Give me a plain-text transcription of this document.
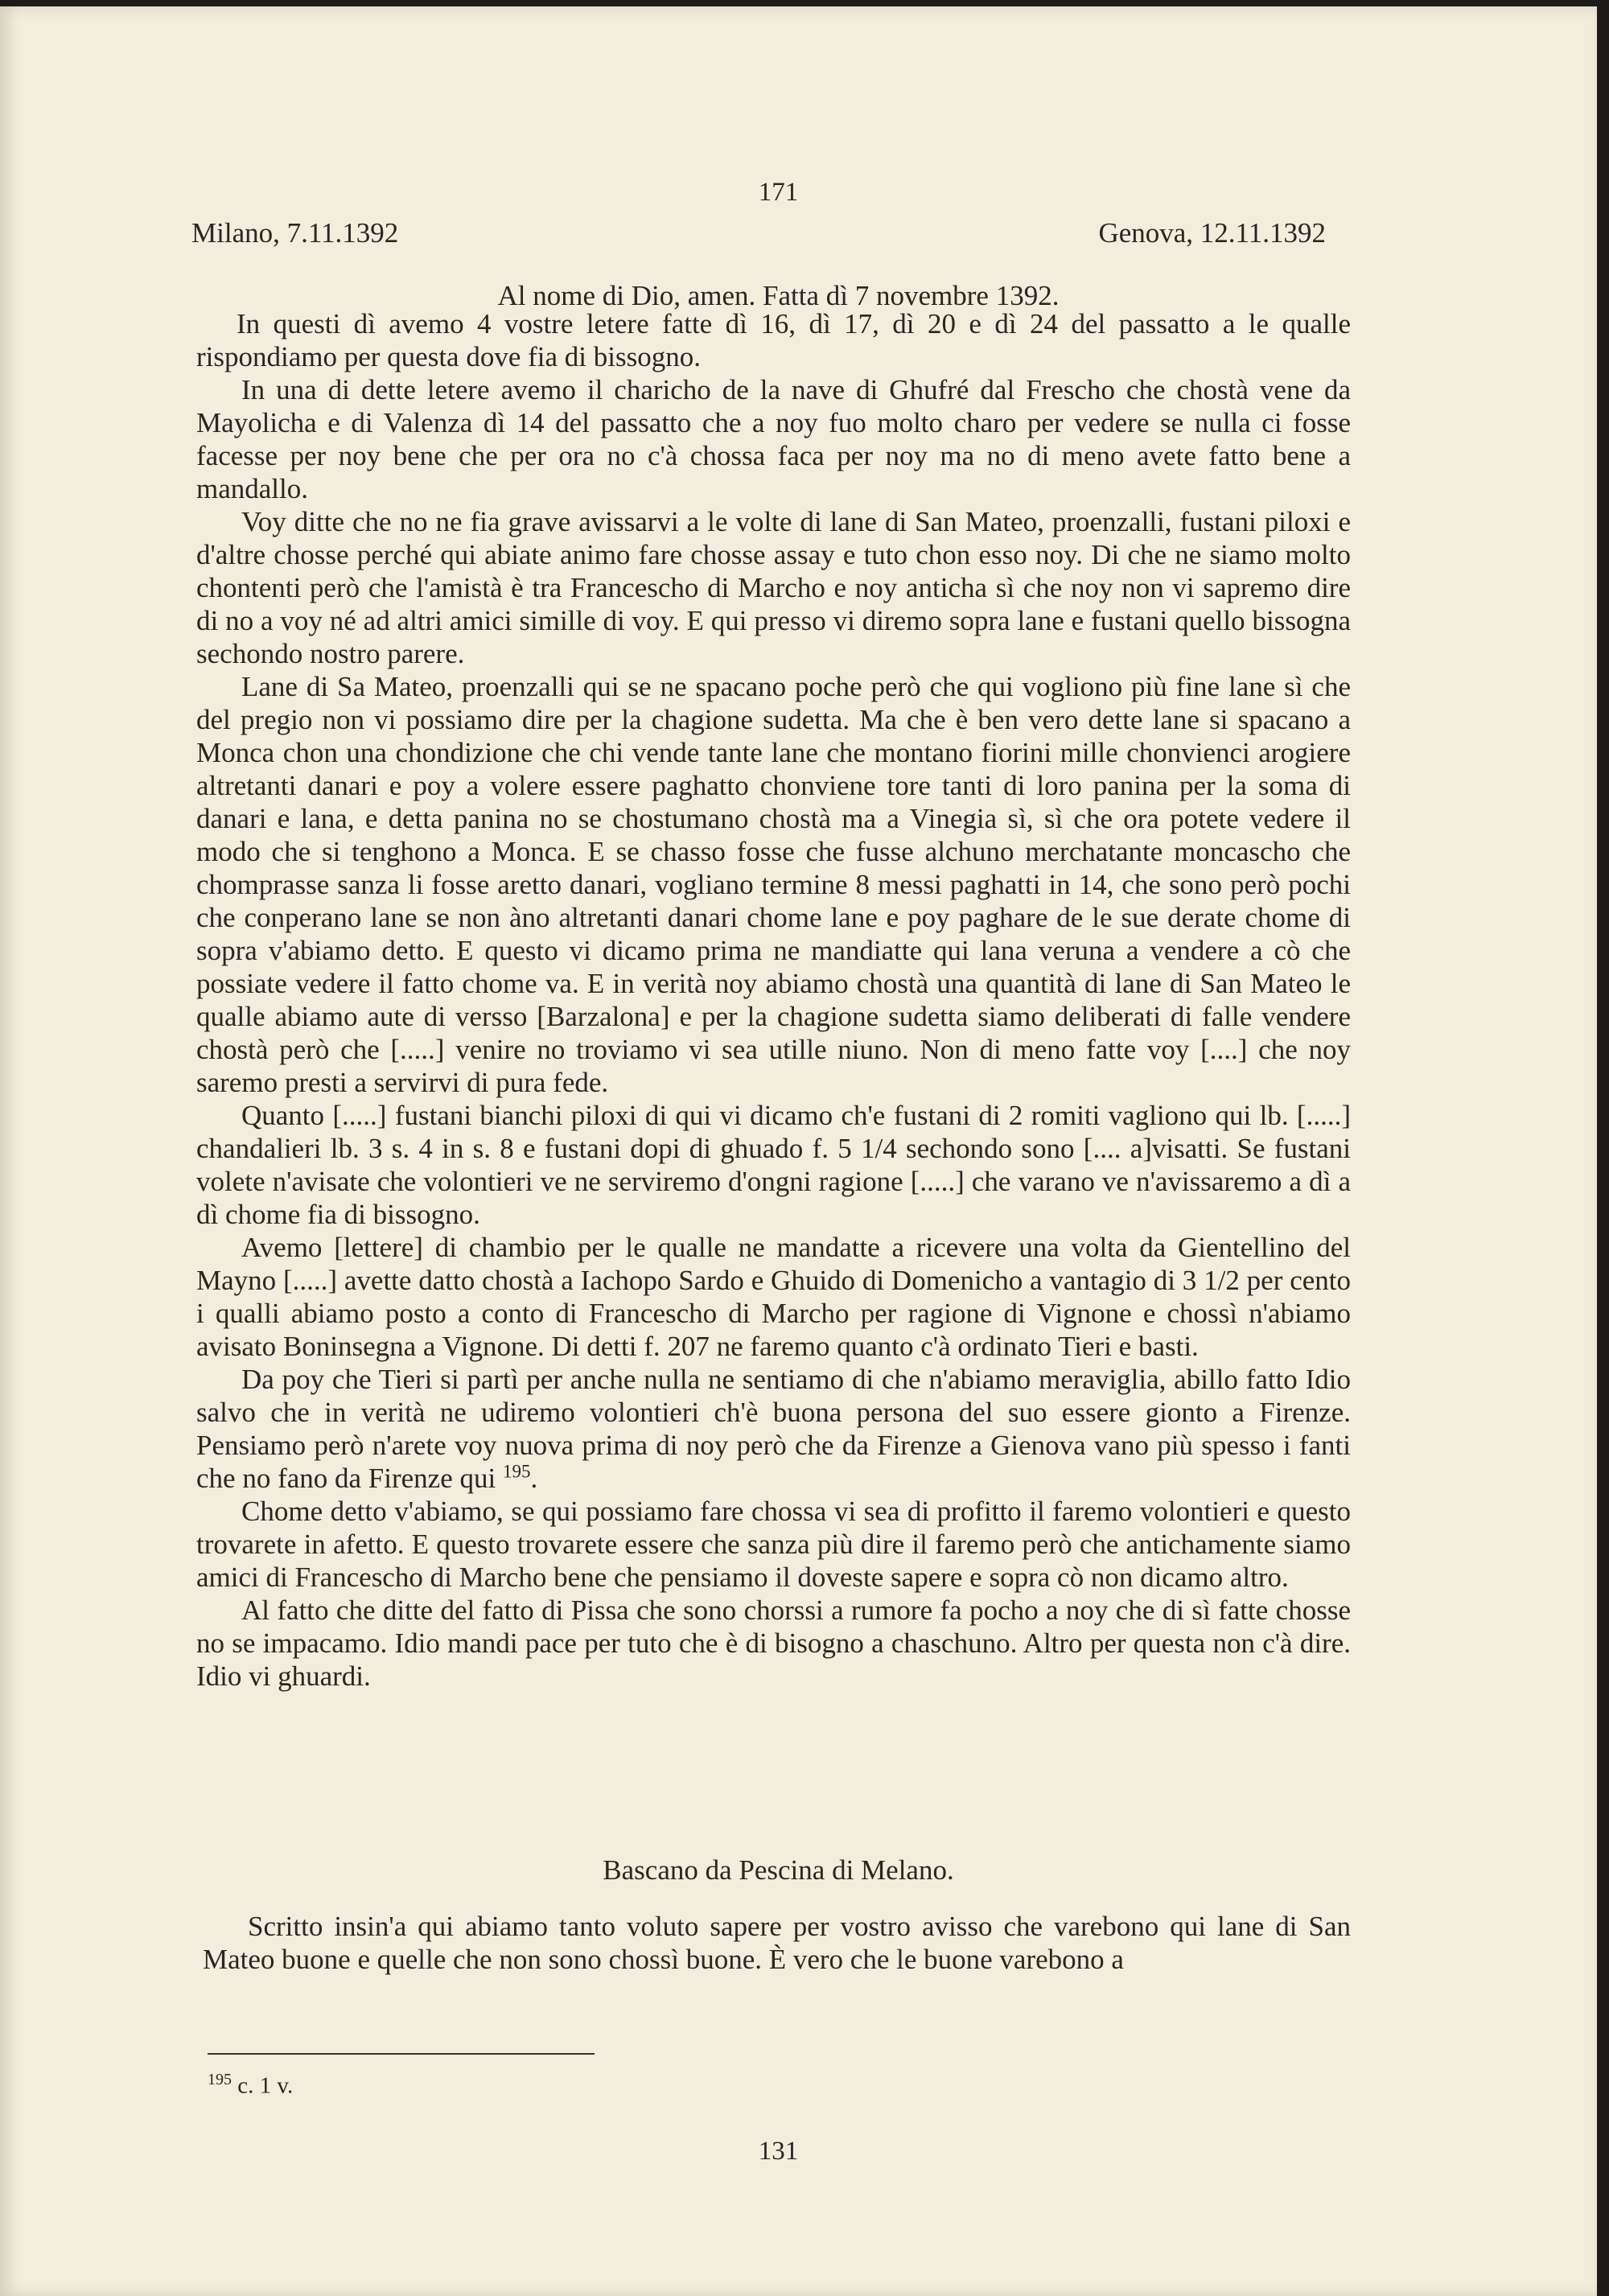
171
Milano, 7.11.1392	Genova, 12.11.1392
Al nome di Dio, amen. Fatta dì 7 novembre 1392.

In questi dì avemo 4 vostre letere fatte dì 16, dì 17, dì 20 e dì 24 del passatto a le qualle rispondiamo per questa dove fia di bissogno.

In una di dette letere avemo il charicho de la nave di Ghufré dal Frescho che chostà vene da Mayolicha e di Valenza dì 14 del passatto che a noy fuo molto charo per vedere se nulla ci fosse facesse per noy bene che per ora no c'à chossa faca per noy ma no di meno avete fatto bene a mandallo.

Voy ditte che no ne fia grave avissarvi a le volte di lane di San Mateo, proenzalli, fustani piloxi e d'altre chosse perché qui abiate animo fare chosse assay e tuto chon esso noy. Di che ne siamo molto chontenti però che l'amistà è tra Francescho di Marcho e noy anticha sì che noy non vi sapremo dire di no a voy né ad altri amici simille di voy. E qui presso vi diremo sopra lane e fustani quello bissogna sechondo nostro parere.

Lane di Sa Mateo, proenzalli qui se ne spacano poche però che qui vogliono più fine lane sì che del pregio non vi possiamo dire per la chagione sudetta. Ma che è ben vero dette lane si spacano a Monca chon una chondizione che chi vende tante lane che montano fiorini mille chonvienci arogiere altretanti danari e poy a volere essere paghatto chonviene tore tanti di loro panina per la soma di danari e lana, e detta panina no se chostumano chostà ma a Vinegia sì, sì che ora potete vedere il modo che si tenghono a Monca. E se chasso fosse che fusse alchuno merchatante moncascho che chomprasse sanza li fosse aretto danari, vogliano termine 8 messi paghatti in 14, che sono però pochi che conperano lane se non àno altretanti danari chome lane e poy paghare de le sue derate chome di sopra v'abiamo detto. E questo vi dicamo prima ne mandiatte qui lana veruna a vendere a cò che possiate vedere il fatto chome va. E in verità noy abiamo chostà una quantità di lane di San Mateo le qualle abiamo aute di versso [Barzalona] e per la chagione sudetta siamo deliberati di falle vendere chostà però che [.....] venire no troviamo vi sea utille niuno. Non di meno fatte voy [....] che noy saremo presti a servirvi di pura fede.

Quanto [.....] fustani bianchi piloxi di qui vi dicamo ch'e fustani di 2 romiti vagliono qui lb. [.....] chandalieri lb. 3 s. 4 in s. 8 e fustani dopi di ghuado f. 5 1/4 sechondo sono [.... a]visatti. Se fustani volete n'avisate che volontieri ve ne serviremo d'ongni ragione [.....] che varano ve n'avissaremo a dì a dì chome fia di bissogno.

Avemo [lettere] di chambio per le qualle ne mandatte a ricevere una volta da Gientellino del Mayno [.....] avette datto chostà a Iachopo Sardo e Ghuido di Domenicho a vantagio di 3 1/2 per cento i qualli abiamo posto a conto di Francescho di Marcho per ragione di Vignone e chossì n'abiamo avisato Boninsegna a Vignone. Di detti f. 207 ne faremo quanto c'à ordinato Tieri e basti.

Da poy che Tieri si partì per anche nulla ne sentiamo di che n'abiamo meraviglia, abillo fatto Idio salvo che in verità ne udiremo volontieri ch'è buona persona del suo essere gionto a Firenze. Pensiamo però n'arete voy nuova prima di noy però che da Firenze a Gienova vano più spesso i fanti che no fano da Firenze qui $^{195}$.

Chome detto v'abiamo, se qui possiamo fare chossa vi sea di profitto il faremo volontieri e questo trovarete in afetto. E questo trovarete essere che sanza più dire il faremo però che antichamente siamo amici di Francescho di Marcho bene che pensiamo il doveste sapere e sopra cò non dicamo altro.

Al fatto che ditte del fatto di Pissa che sono chorssi a rumore fa pocho a noy che di sì fatte chosse no se impacamo. Idio mandi pace per tuto che è di bisogno a chaschuno. Altro per questa non c'à dire. Idio vi ghuardi.

Bascano da Pescina di Melano.

Scritto insin'a qui abiamo tanto voluto sapere per vostro avisso che varebono qui lane di San Mateo buone e quelle che non sono chossì buone. È vero che le buone varebono a

$^{195}$ c. 1 v.
131
